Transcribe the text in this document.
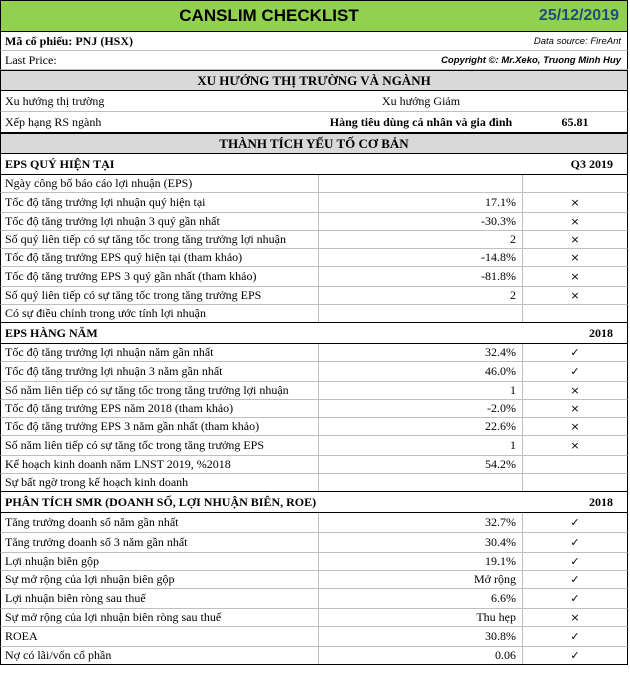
CANSLIM CHECKLIST	25/12/2019
Mã cổ phiếu: PNJ (HSX)	Data source: FireAnt
Last Price:	Copyright ©: Mr.Xeko, Truong Minh Huy
XU HƯỚNG THỊ TRƯỜNG VÀ NGÀNH
Xu hướng thị trường	Xu hướng Giảm
Xếp hạng RS ngành	Hàng tiêu dùng cá nhân và gia đình	65.81
THÀNH TÍCH YẾU TỐ CƠ BẢN
EPS QUÝ HIỆN TẠI	Q3 2019
Ngày công bố báo cáo lợi nhuận (EPS)
Tốc độ tăng trưởng lợi nhuận quý hiện tại	17.1%	×
Tốc độ tăng trưởng lợi nhuận 3 quý gần nhất	-30.3%	×
Số quý liên tiếp có sự tăng tốc trong tăng trưởng lợi nhuận	2	×
Tốc độ tăng trưởng EPS quý hiện tại (tham khảo)	-14.8%	×
Tốc độ tăng trưởng EPS 3 quý gần nhất (tham khảo)	-81.8%	×
Số quý liên tiếp có sự tăng tốc trong tăng trưởng EPS	2	×
Có sự điều chỉnh trong ước tính lợi nhuận
EPS HÀNG NĂM	2018
Tốc độ tăng trưởng lợi nhuận năm gần nhất	32.4%	✓
Tốc độ tăng trưởng lợi nhuận 3 năm gần nhất	46.0%	✓
Số năm liên tiếp có sự tăng tốc trong tăng trưởng lợi nhuận	1	×
Tốc độ tăng trưởng EPS năm 2018 (tham khảo)	-2.0%	×
Tốc độ tăng trưởng EPS 3 năm gần nhất (tham khảo)	22.6%	×
Số năm liên tiếp có sự tăng tốc trong tăng trưởng EPS	1	×
Kế hoạch kinh doanh năm LNST 2019, %2018	54.2%
Sự bất ngờ trong kế hoạch kinh doanh
PHÂN TÍCH SMR (DOANH SỐ, LỢI NHUẬN BIÊN, ROE)	2018
Tăng trưởng doanh số năm gần nhất	32.7%	✓
Tăng trưởng doanh số 3 năm gần nhất	30.4%	✓
Lợi nhuận biên gộp	19.1%	✓
Sự mở rộng của lợi nhuận biên gộp	Mở rộng	✓
Lợi nhuận biên ròng sau thuế	6.6%	✓
Sự mở rộng của lợi nhuận biên ròng sau thuế	Thu hẹp	×
ROEA	30.8%	✓
Nợ có lãi/vốn cổ phần	0.06	✓
